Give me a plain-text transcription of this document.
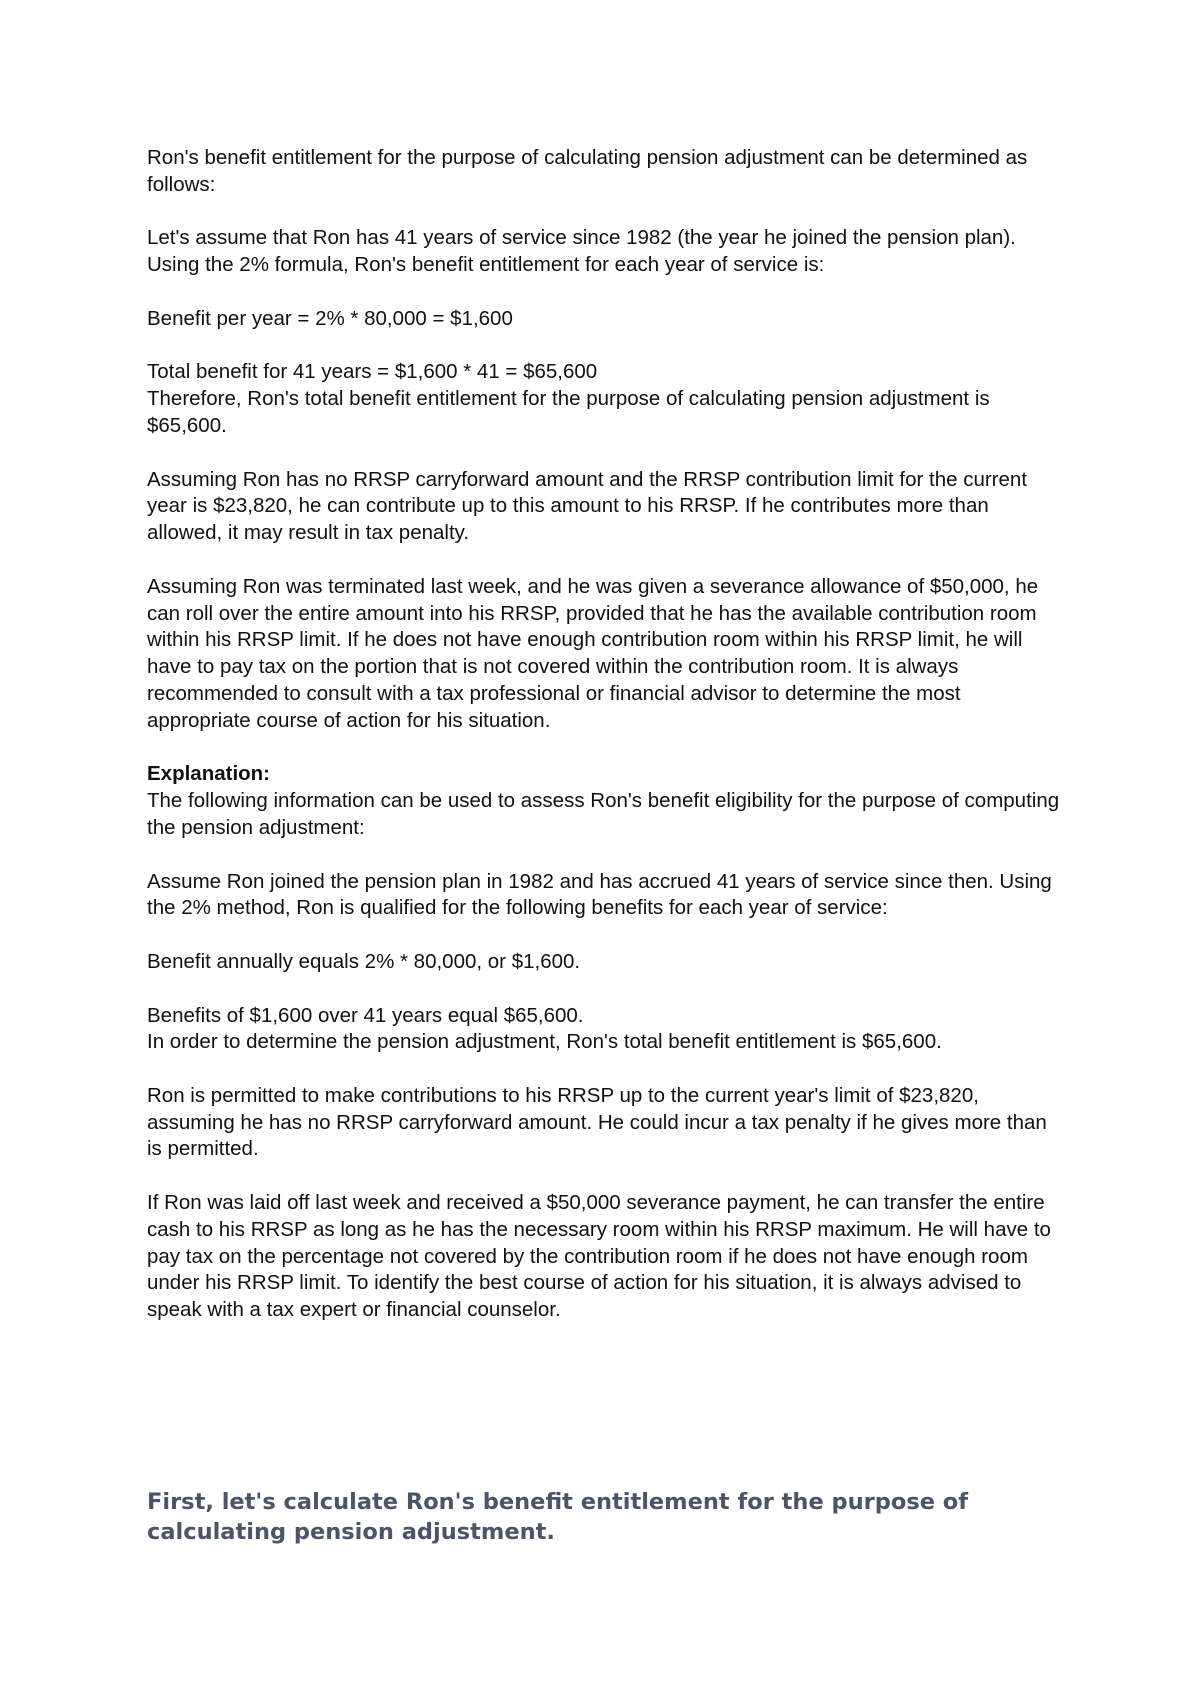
Ron's benefit entitlement for the purpose of calculating pension adjustment can be determined as follows:

Let's assume that Ron has 41 years of service since 1982 (the year he joined the pension plan). Using the 2% formula, Ron's benefit entitlement for each year of service is:

Benefit per year = 2% * 80,000 = $1,600

Total benefit for 41 years = $1,600 * 41 = $65,600

Therefore, Ron's total benefit entitlement for the purpose of calculating pension adjustment is $65,600.

Assuming Ron has no RRSP carryforward amount and the RRSP contribution limit for the current year is $23,820, he can contribute up to this amount to his RRSP. If he contributes more than allowed, it may result in tax penalty.

Assuming Ron was terminated last week, and he was given a severance allowance of $50,000, he can roll over the entire amount into his RRSP, provided that he has the available contribution room within his RRSP limit. If he does not have enough contribution room within his RRSP limit, he will have to pay tax on the portion that is not covered within the contribution room. It is always recommended to consult with a tax professional or financial advisor to determine the most appropriate course of action for his situation.

Explanation:

The following information can be used to assess Ron's benefit eligibility for the purpose of computing the pension adjustment:

Assume Ron joined the pension plan in 1982 and has accrued 41 years of service since then. Using the 2% method, Ron is qualified for the following benefits for each year of service:

Benefit annually equals 2% * 80,000, or $1,600.

Benefits of $1,600 over 41 years equal $65,600.

In order to determine the pension adjustment, Ron's total benefit entitlement is $65,600.

Ron is permitted to make contributions to his RRSP up to the current year's limit of $23,820, assuming he has no RRSP carryforward amount. He could incur a tax penalty if he gives more than is permitted.

If Ron was laid off last week and received a $50,000 severance payment, he can transfer the entire cash to his RRSP as long as he has the necessary room within his RRSP maximum. He will have to pay tax on the percentage not covered by the contribution room if he does not have enough room under his RRSP limit. To identify the best course of action for his situation, it is always advised to speak with a tax expert or financial counselor.

First, let's calculate Ron's benefit entitlement for the purpose of calculating pension adjustment.
